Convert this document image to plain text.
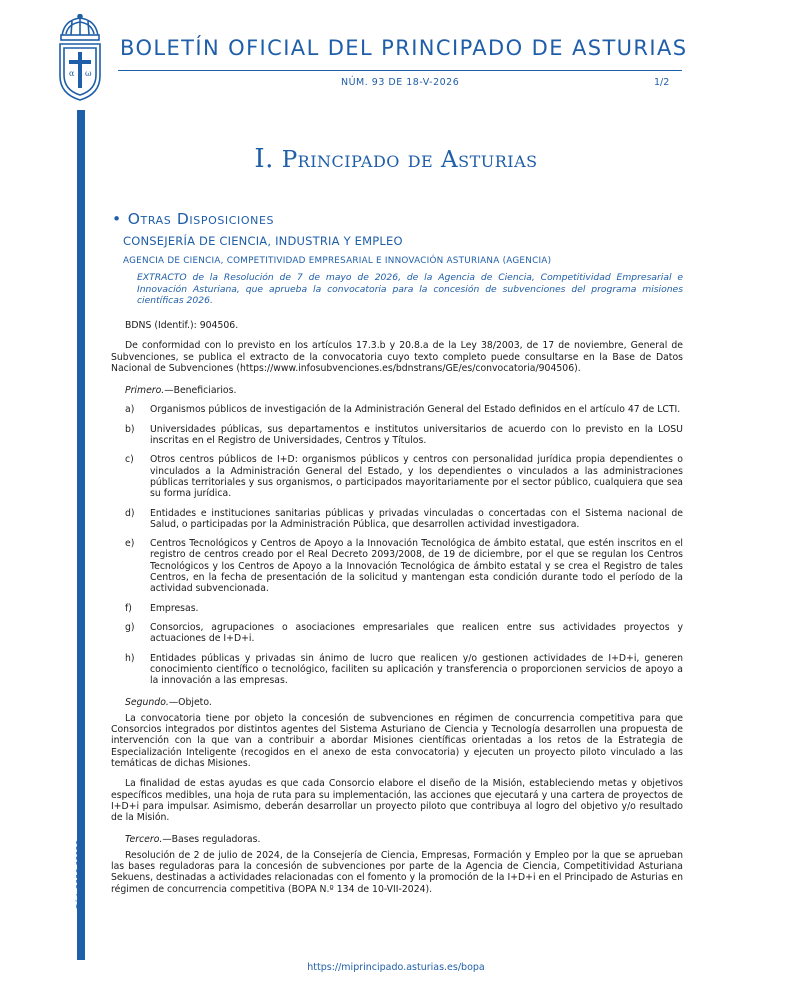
α ω
BOLETÍN OFICIAL DEL PRINCIPADO DE ASTURIAS
NÚM. 93 DE 18-V-2026	1/2
Cód. 2026-03926
I. Principado de Asturias
• Otras Disposiciones
CONSEJERÍA DE CIENCIA, INDUSTRIA Y EMPLEO
AGENCIA DE CIENCIA, COMPETITIVIDAD EMPRESARIAL E INNOVACIÓN ASTURIANA (AGENCIA)
EXTRACTO de la Resolución de 7 de mayo de 2026, de la Agencia de Ciencia, Competitividad Empresarial e Innovación Asturiana, que aprueba la convocatoria para la concesión de subvenciones del programa misiones científicas 2026.

BDNS (Identif.): 904506.

De conformidad con lo previsto en los artículos 17.3.b y 20.8.a de la Ley 38/2003, de 17 de noviembre, General de Subvenciones, se publica el extracto de la convocatoria cuyo texto completo puede consultarse en la Base de Datos Nacional de Subvenciones (https://www.infosubvenciones.es/bdnstrans/GE/es/convocatoria/904506).

Primero.—Beneficiarios.

a)	Organismos públicos de investigación de la Administración General del Estado definidos en el artículo 47 de LCTI.
b)	Universidades públicas, sus departamentos e institutos universitarios de acuerdo con lo previsto en la LOSU inscritas en el Registro de Universidades, Centros y Títulos.
c)	Otros centros públicos de I+D: organismos públicos y centros con personalidad jurídica propia dependientes o vinculados a la Administración General del Estado, y los dependientes o vinculados a las administraciones públicas territoriales y sus organismos, o participados mayoritariamente por el sector público, cualquiera que sea su forma jurídica.
d)	Entidades e instituciones sanitarias públicas y privadas vinculadas o concertadas con el Sistema nacional de Salud, o participadas por la Administración Pública, que desarrollen actividad investigadora.
e)	Centros Tecnológicos y Centros de Apoyo a la Innovación Tecnológica de ámbito estatal, que estén inscritos en el registro de centros creado por el Real Decreto 2093/2008, de 19 de diciembre, por el que se regulan los Centros Tecnológicos y los Centros de Apoyo a la Innovación Tecnológica de ámbito estatal y se crea el Registro de tales Centros, en la fecha de presentación de la solicitud y mantengan esta condición durante todo el período de la actividad subvencionada.
f)	Empresas.
g)	Consorcios, agrupaciones o asociaciones empresariales que realicen entre sus actividades proyectos y actuaciones de I+D+i.
h)	Entidades públicas y privadas sin ánimo de lucro que realicen y/o gestionen actividades de I+D+i, generen conocimiento científico o tecnológico, faciliten su aplicación y transferencia o proporcionen servicios de apoyo a la innovación a las empresas.

Segundo.—Objeto.

La convocatoria tiene por objeto la concesión de subvenciones en régimen de concurrencia competitiva para que Consorcios integrados por distintos agentes del Sistema Asturiano de Ciencia y Tecnología desarrollen una propuesta de intervención con la que van a contribuir a abordar Misiones científicas orientadas a los retos de la Estrategia de Especialización Inteligente (recogidos en el anexo de esta convocatoria) y ejecuten un proyecto piloto vinculado a las temáticas de dichas Misiones.

La finalidad de estas ayudas es que cada Consorcio elabore el diseño de la Misión, estableciendo metas y objetivos específicos medibles, una hoja de ruta para su implementación, las acciones que ejecutará y una cartera de proyectos de I+D+i para impulsar. Asimismo, deberán desarrollar un proyecto piloto que contribuya al logro del objetivo y/o resultado de la Misión.

Tercero.—Bases reguladoras.

Resolución de 2 de julio de 2024, de la Consejería de Ciencia, Empresas, Formación y Empleo por la que se aprueban las bases reguladoras para la concesión de subvenciones por parte de la Agencia de Ciencia, Competitividad Asturiana Sekuens, destinadas a actividades relacionadas con el fomento y la promoción de la I+D+i en el Principado de Asturias en régimen de concurrencia competitiva (BOPA N.º 134 de 10-VII-2024).

https://miprincipado.asturias.es/bopa
